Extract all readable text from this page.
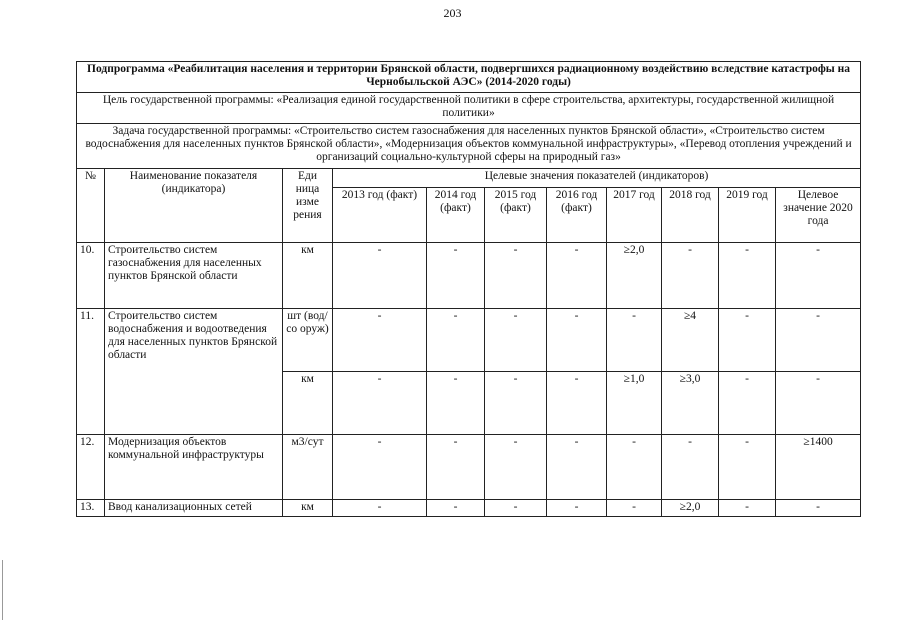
203
Подпрограмма «Реабилитация населения и территории Брянской области, подвергшихся радиационному воздействию вследствие катастрофы на Чернобыльской АЭС» (2014-2020 годы)										
Цель государственной программы: «Реализация единой государственной политики в сфере строительства, архитектуры, государственной жилищной политики»										
Задача государственной программы: «Строительство систем газоснабжения для населенных пунктов Брянской области», «Строительство систем водоснабжения для населенных пунктов Брянской области», «Модернизация объектов коммунальной инфраструктуры», «Перевод отопления учреждений и организаций социально-культурной сферы на природный газ»										
№	Наименование показателя (индикатора)	Еди ница изме рения	Целевые значения показателей (индикаторов)							
			2013 год (факт)	2014 год (факт)	2015 год (факт)	2016 год (факт)	2017 год	2018 год	2019 год	Целевое значение 2020 года
10.	Строительство систем газоснабжения для населенных пунктов Брянской области	км	-	-	-	-	≥2,0	-	-	-
11.	Строительство систем водоснабжения и водоотведения для населенных пунктов Брянской области	шт (вод/со оруж)	-	-	-	-	-	≥4	-	-
		км	-	-	-	-	≥1,0	≥3,0	-	-
12.	Модернизация объектов коммунальной инфраструктуры	м3/сут	-	-	-	-	-	-	-	≥1400
13.	Ввод канализационных сетей	км	-	-	-	-	-	≥2,0	-	-
